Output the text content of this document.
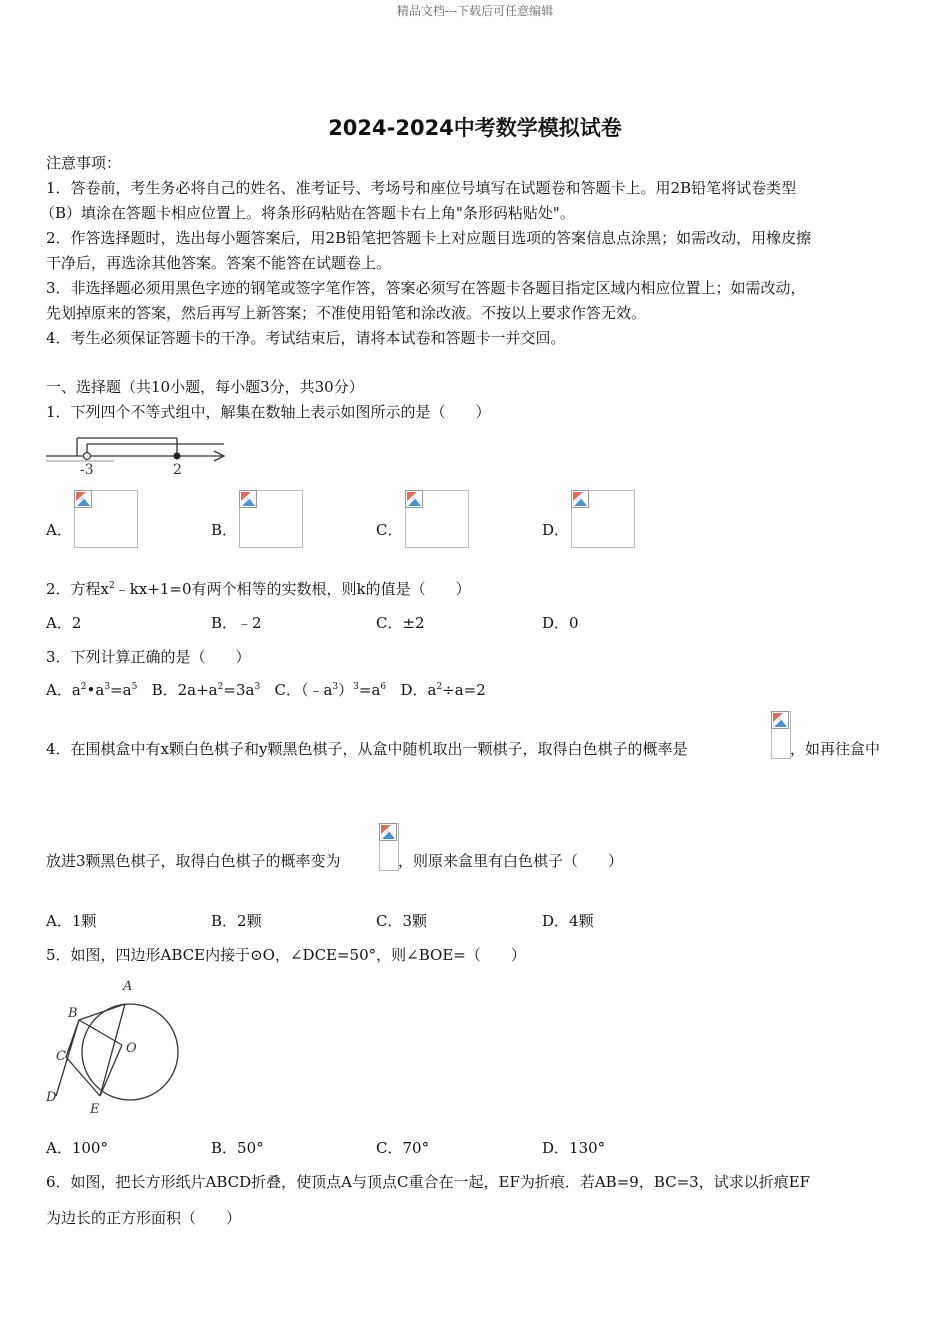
精品文档---下载后可任意编辑
2024-2024中考数学模拟试卷
注意事项：
1．答卷前，考生务必将自己的姓名、准考证号、考场号和座位号填写在试题卷和答题卡上。用2B铅笔将试卷类型
（B）填涂在答题卡相应位置上。将条形码粘贴在答题卡右上角"条形码粘贴处"。
2．作答选择题时，选出每小题答案后，用2B铅笔把答题卡上对应题目选项的答案信息点涂黑；如需改动，用橡皮擦
干净后，再选涂其他答案。答案不能答在试题卷上。
3．非选择题必须用黑色字迹的钢笔或签字笔作答，答案必须写在答题卡各题目指定区域内相应位置上；如需改动，
先划掉原来的答案，然后再写上新答案；不准使用铅笔和涂改液。不按以上要求作答无效。
4．考生必须保证答题卡的干净。考试结束后，请将本试卷和答题卡一并交回。
一、选择题（共10小题，每小题3分，共30分）
1．下列四个不等式组中，解集在数轴上表示如图所示的是（　　）
-3	2
A．	B．	C．	D．
2．方程$x^2﹣kx+1=0$有两个相等的实数根，则k的值是（　　）
A．2	B．﹣2	C．±2	D．0
3．下列计算正确的是（　　）
A．$a^2•a^3=a^5$ B．$2a+a^2=3a^3$ C．$(﹣a^3)^3=a^6$ D．$a^2\div a=2$
4．在围棋盒中有x颗白色棋子和y颗黑色棋子，从盒中随机取出一颗棋子，取得白色棋子的概率是	，如再往盒中
放进3颗黑色棋子，取得白色棋子的概率变为	，则原来盒里有白色棋子（　　）
A．1颗	B．2颗	C．3颗	D．4颗
5．如图，四边形ABCE内接于⊙O，∠DCE=50°，则∠BOE=（　　）
A
B
C
O
D
E
A．100°	B．50°	C．70°	D．130°
6．如图，把长方形纸片ABCD折叠，使顶点A与顶点C重合在一起，EF为折痕．若AB=9，BC=3，试求以折痕EF
为边长的正方形面积（　　）
